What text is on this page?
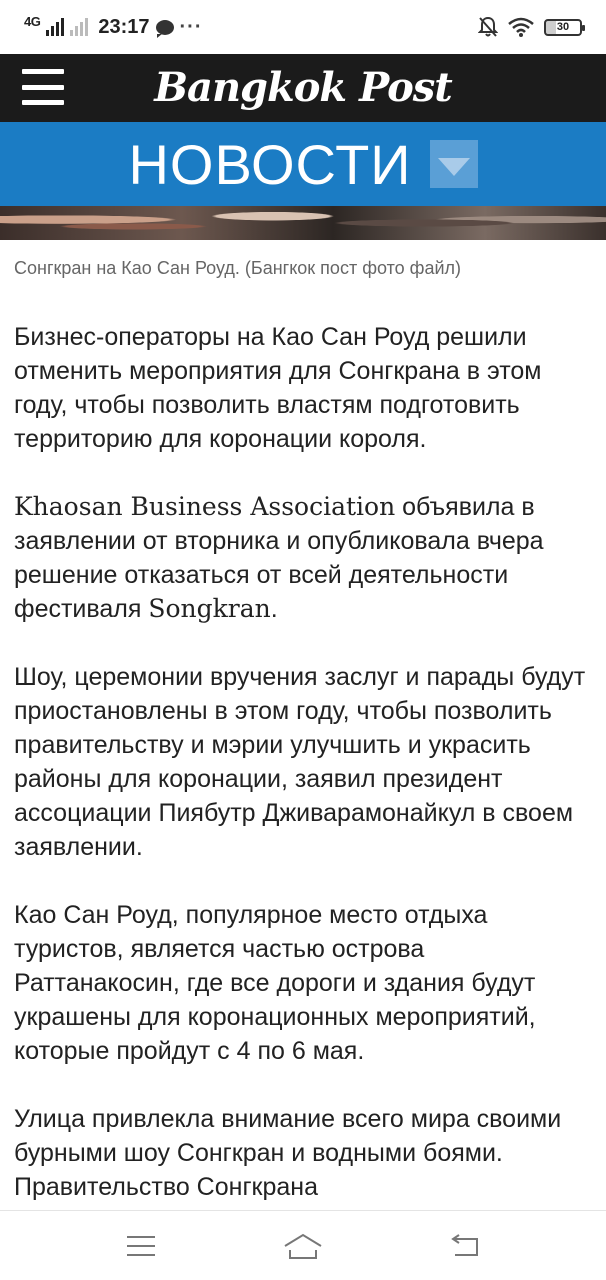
4G	23:17 ···	30
Bangkok Post
НОВОСТИ
Сонгкран на Као Сан Роуд. (Бангкок пост фото файл)

Бизнес-операторы на Као Сан Роуд решили отменить мероприятия для Сонгкрана в этом году, чтобы позволить властям подготовить территорию для коронации короля.

Khaosan Business Association объявила в заявлении от вторника и опубликовала вчера решение отказаться от всей деятельности фестиваля Songkran.

Шоу, церемонии вручения заслуг и парады будут приостановлены в этом году, чтобы позволить правительству и мэрии улучшить и украсить районы для коронации, заявил президент ассоциации Пиябутр Дживарамонайкул в своем заявлении.

Као Сан Роуд, популярное место отдыха туристов, является частью острова Раттанакосин, где все дороги и здания будут украшены для коронационных мероприятий, которые пройдут с 4 по 6 мая.

Улица привлекла внимание всего мира своими бурными шоу Сонгкран и водными боями. Правительство Сонгкрана
